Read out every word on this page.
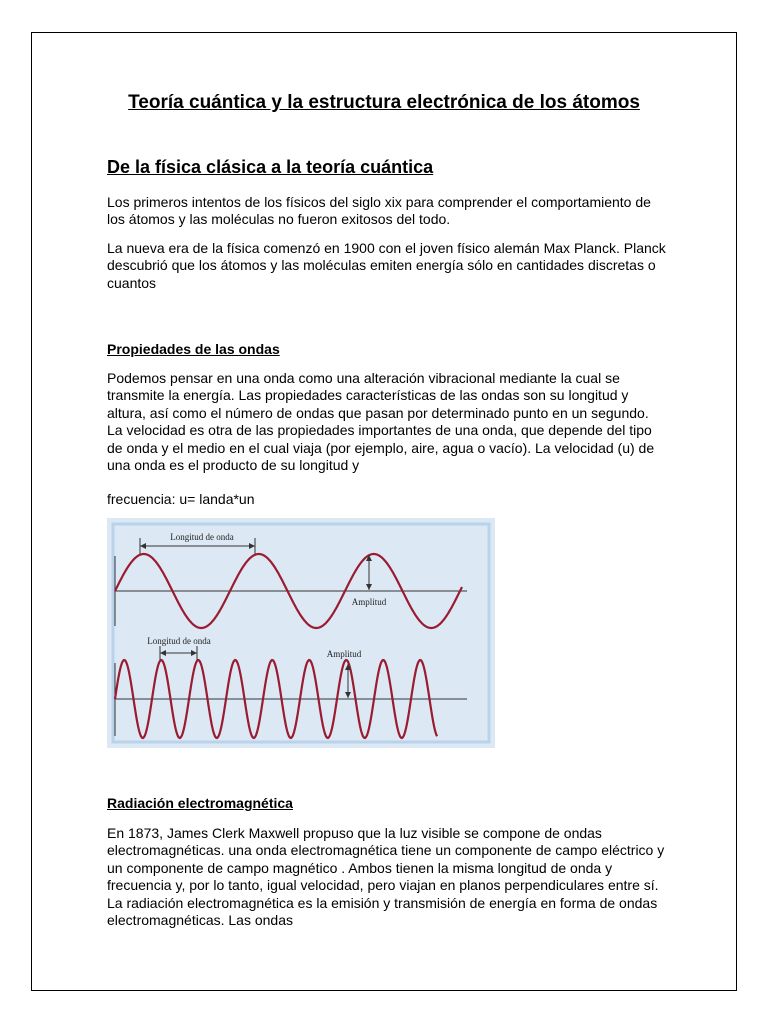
Teoría cuántica y la estructura electrónica de los átomos
De la física clásica a la teoría cuántica

Los primeros intentos de los físicos del siglo xix para comprender el comportamiento de los átomos y las moléculas no fueron exitosos del todo.

La nueva era de la física comenzó en 1900 con el joven físico alemán Max Planck. Planck descubrió que los átomos y las moléculas emiten energía sólo en cantidades discretas o cuantos

Propiedades de las ondas

Podemos pensar en una onda como una alteración vibracional mediante la cual se transmite la energía. Las propiedades características de las ondas son su longitud y altura, así como el número de ondas que pasan por determinado punto en un segundo. La velocidad es otra de las propiedades importantes de una onda, que depende del tipo de onda y el medio en el cual viaja (por ejemplo, aire, agua o vacío). La velocidad (u) de una onda es el producto de su longitud y

frecuencia: u= landa*un

Longitud de onda
Amplitud
Longitud de onda
Amplitud
Radiación electromagnética

En 1873, James Clerk Maxwell propuso que la luz visible se compone de ondas electromagnéticas. una onda electromagnética tiene un componente de campo eléctrico y un componente de campo magnético . Ambos tienen la misma longitud de onda y frecuencia y, por lo tanto, igual velocidad, pero viajan en planos perpendiculares entre sí. La radiación electromagnética es la emisión y transmisión de energía en forma de ondas electromagnéticas. Las ondas
